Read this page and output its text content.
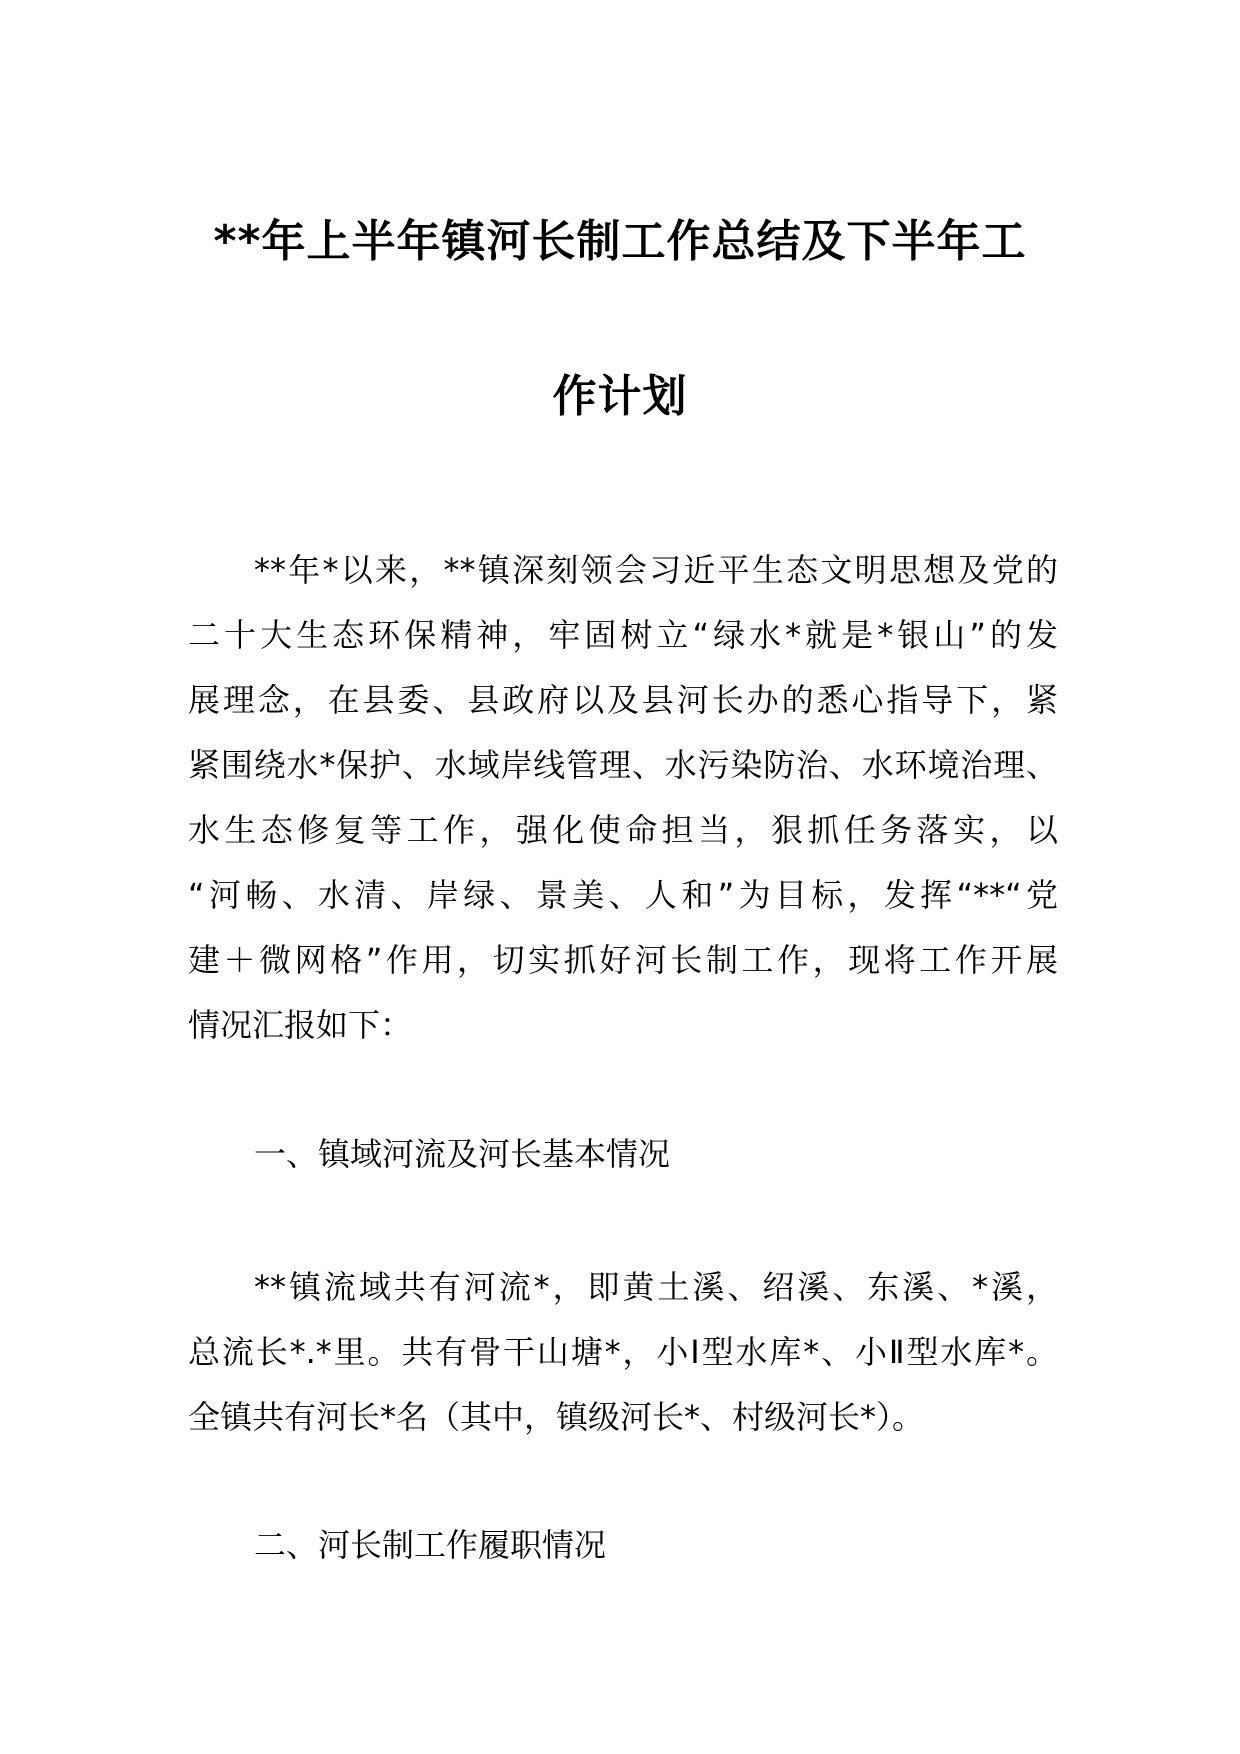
**年上半年镇河长制工作总结及下半年工
作计划
**年*以来，**镇深刻领会习近平生态文明思想及党的
二十大生态环保精神，牢固树立“绿水*就是*银山”的发
展理念，在县委、县政府以及县河长办的悉心指导下，紧
紧围绕水*保护、水域岸线管理、水污染防治、水环境治理、
水生态修复等工作，强化使命担当，狠抓任务落实，以
“河畅、水清、岸绿、景美、人和”为目标，发挥“**“党
建＋微网格”作用，切实抓好河长制工作，现将工作开展
情况汇报如下：
一、镇域河流及河长基本情况
**镇流域共有河流*，即黄土溪、绍溪、东溪、*溪，
总流长*.*里。共有骨干山塘*，小Ⅰ型水库*、小Ⅱ型水库*。
全镇共有河长*名（其中，镇级河长*、村级河长*）。
二、河长制工作履职情况
